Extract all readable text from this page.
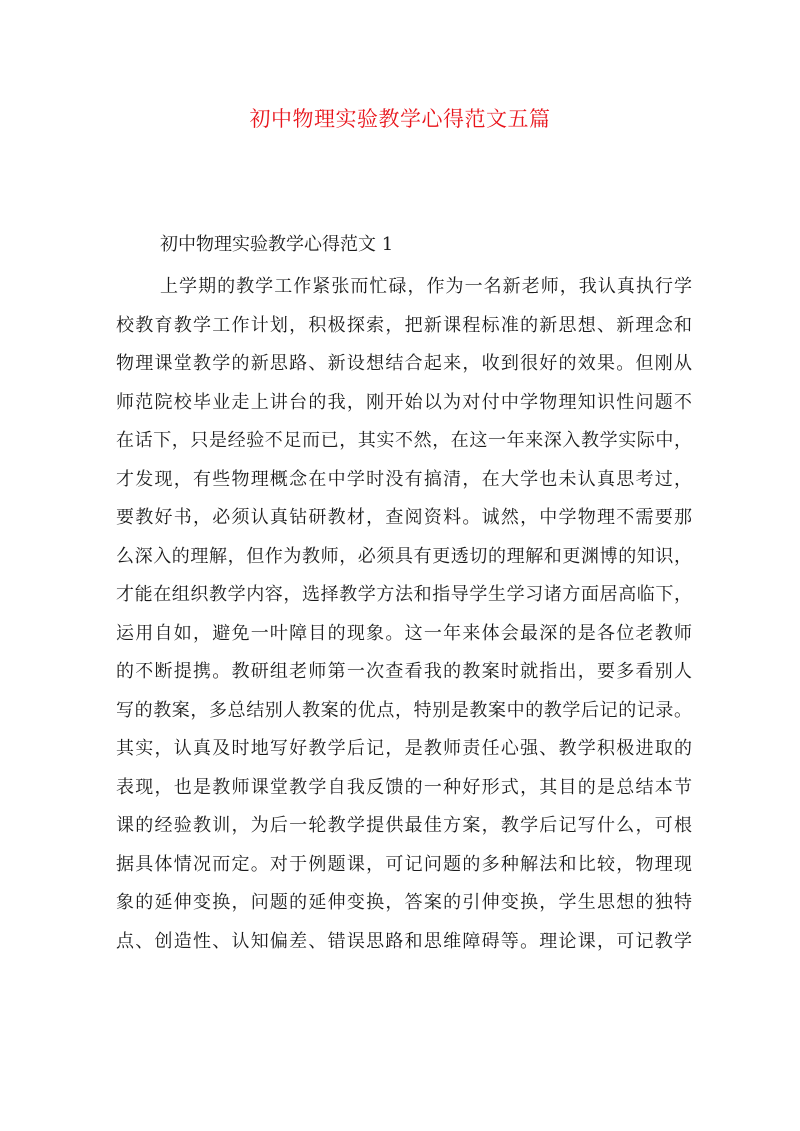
初中物理实验教学心得范文五篇
初中物理实验教学心得范文 1
上学期的教学工作紧张而忙碌，作为一名新老师，我认真执行学
校教育教学工作计划，积极探索，把新课程标准的新思想、新理念和
物理课堂教学的新思路、新设想结合起来，收到很好的效果。但刚从
师范院校毕业走上讲台的我，刚开始以为对付中学物理知识性问题不
在话下，只是经验不足而已，其实不然，在这一年来深入教学实际中，
才发现，有些物理概念在中学时没有搞清，在大学也未认真思考过，
要教好书，必须认真钻研教材，查阅资料。诚然，中学物理不需要那
么深入的理解，但作为教师，必须具有更透切的理解和更渊博的知识，
才能在组织教学内容，选择教学方法和指导学生学习诸方面居高临下，
运用自如，避免一叶障目的现象。这一年来体会最深的是各位老教师
的不断提携。教研组老师第一次查看我的教案时就指出，要多看别人
写的教案，多总结别人教案的优点，特别是教案中的教学后记的记录。
其实，认真及时地写好教学后记，是教师责任心强、教学积极进取的
表现，也是教师课堂教学自我反馈的一种好形式，其目的是总结本节
课的经验教训，为后一轮教学提供最佳方案，教学后记写什么，可根
据具体情况而定。对于例题课，可记问题的多种解法和比较，物理现
象的延伸变换，问题的延伸变换，答案的引伸变换，学生思想的独特
点、创造性、认知偏差、错误思路和思维障碍等。理论课，可记教学
